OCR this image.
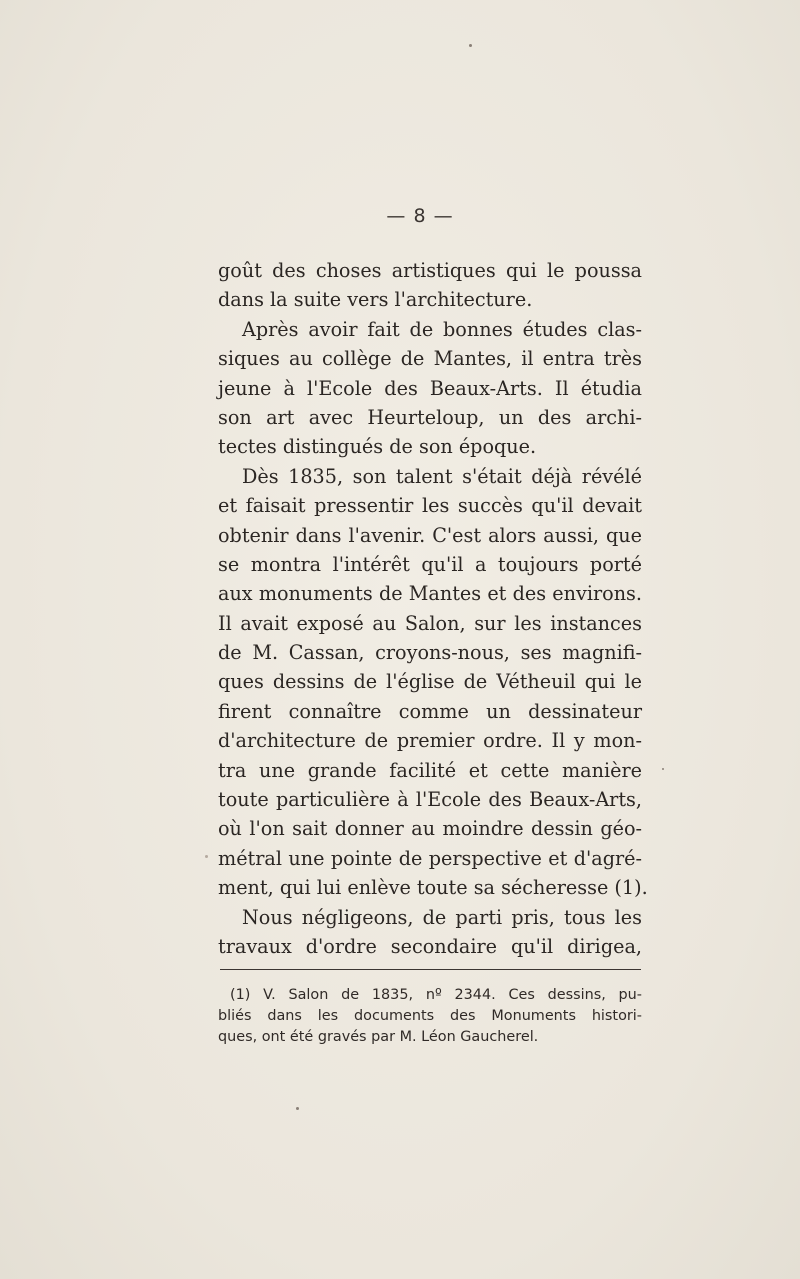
— 8 —
goût des choses artistiques qui le poussa
dans la suite vers l'architecture.
Après avoir fait de bonnes études clas-
siques au collège de Mantes, il entra très
jeune à l'Ecole des Beaux-Arts. Il étudia
son art avec Heurteloup, un des archi-
tectes distingués de son époque.
Dès 1835, son talent s'était déjà révélé
et faisait pressentir les succès qu'il devait
obtenir dans l'avenir. C'est alors aussi, que
se montra l'intérêt qu'il a toujours porté
aux monuments de Mantes et des environs.
Il avait exposé au Salon, sur les instances
de M. Cassan, croyons-nous, ses magnifi-
ques dessins de l'église de Vétheuil qui le
firent connaître comme un dessinateur
d'architecture de premier ordre. Il y mon-
tra une grande facilité et cette manière
toute particulière à l'Ecole des Beaux-Arts,
où l'on sait donner au moindre dessin géo-
métral une pointe de perspective et d'agré-
ment, qui lui enlève toute sa sécheresse (1).
Nous négligeons, de parti pris, tous les
travaux d'ordre secondaire qu'il dirigea,
(1) V. Salon de 1835, nº 2344. Ces dessins, pu-
bliés dans les documents des Monuments histori-
ques, ont été gravés par M. Léon Gaucherel.
